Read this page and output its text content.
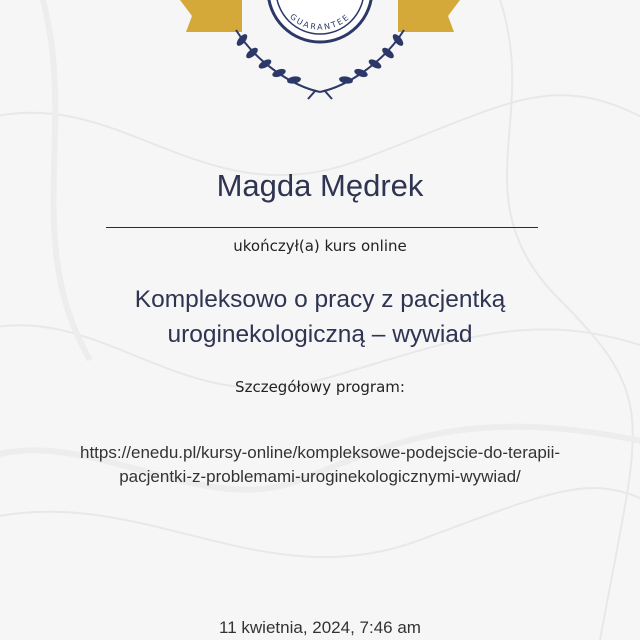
GUARANTEE
Magda Mędrek
ukończył(a) kurs online
Kompleksowo o pracy z pacjentką
uroginekologiczną – wywiad
Szczegółowy program:
https://enedu.pl/kursy-online/kompleksowe-podejscie-do-terapii-
pacjentki-z-problemami-uroginekologicznymi-wywiad/
11 kwietnia, 2024, 7:46 am
